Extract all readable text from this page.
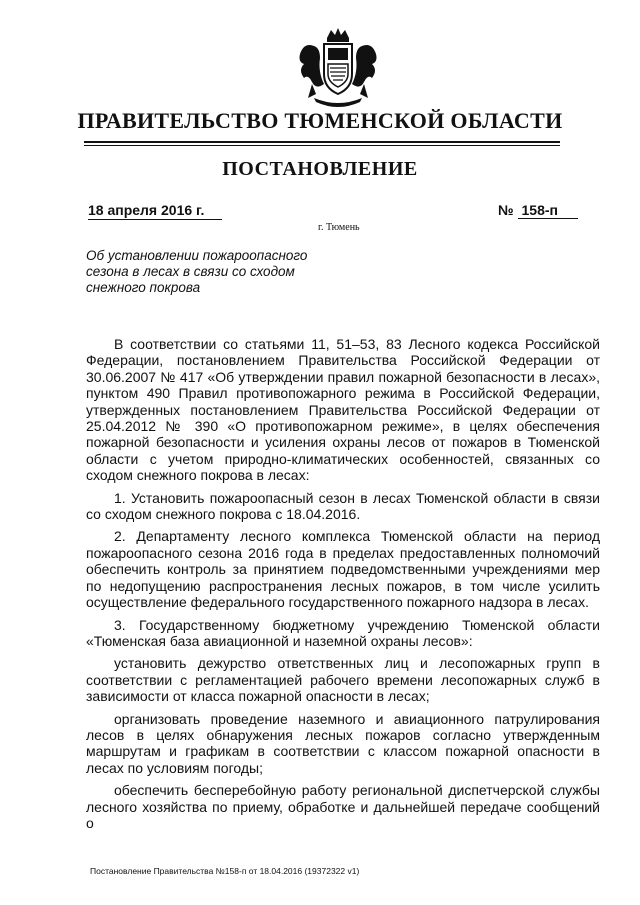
ПРАВИТЕЛЬСТВО ТЮМЕНСКОЙ ОБЛАСТИ
ПОСТАНОВЛЕНИЕ
18 апреля 2016 г.
г. Тюмень
№ 158-п
Об установлении пожароопасного сезона в лесах в связи со сходом снежного покрова

В соответствии со статьями 11, 51–53, 83 Лесного кодекса Российской Федерации, постановлением Правительства Российской Федерации от 30.06.2007 № 417 «Об утверждении правил пожарной безопасности в лесах», пунктом 490 Правил противопожарного режима в Российской Федерации, утвержденных постановлением Правительства Российской Федерации от 25.04.2012 № 390 «О противопожарном режиме», в целях обеспечения пожарной безопасности и усиления охраны лесов от пожаров в Тюменской области с учетом природно-климатических особенностей, связанных со сходом снежного покрова в лесах:

1. Установить пожароопасный сезон в лесах Тюменской области в связи со сходом снежного покрова с 18.04.2016.

2. Департаменту лесного комплекса Тюменской области на период пожароопасного сезона 2016 года в пределах предоставленных полномочий обеспечить контроль за принятием подведомственными учреждениями мер по недопущению распространения лесных пожаров, в том числе усилить осуществление федерального государственного пожарного надзора в лесах.

3. Государственному бюджетному учреждению Тюменской области «Тюменская база авиационной и наземной охраны лесов»:

установить дежурство ответственных лиц и лесопожарных групп в соответствии с регламентацией рабочего времени лесопожарных служб в зависимости от класса пожарной опасности в лесах;

организовать проведение наземного и авиационного патрулирования лесов в целях обнаружения лесных пожаров согласно утвержденным маршрутам и графикам в соответствии с классом пожарной опасности в лесах по условиям погоды;

обеспечить бесперебойную работу региональной диспетчерской службы лесного хозяйства по приему, обработке и дальнейшей передаче сообщений о

Постановление Правительства №158-п от 18.04.2016 (19372322 v1)
